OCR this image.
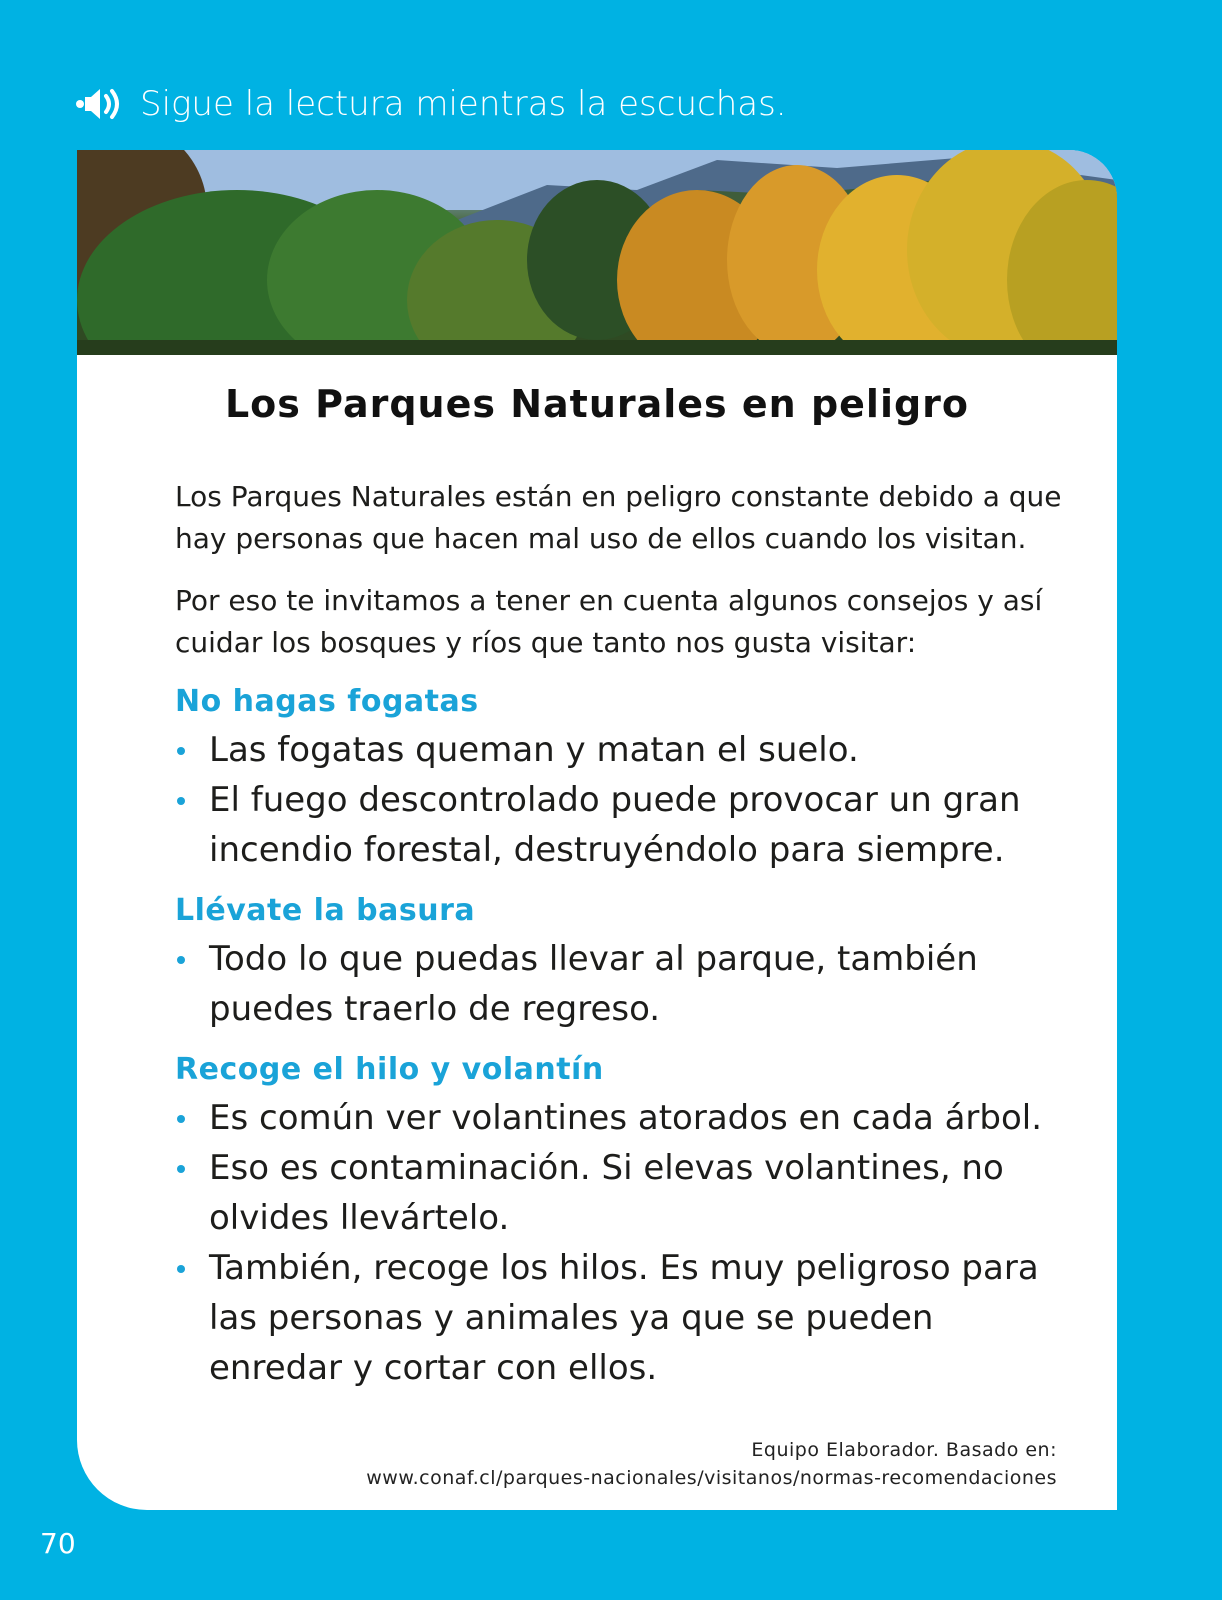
Sigue la lectura mientras la escuchas.
Los Parques Naturales en peligro

Los Parques Naturales están en peligro constante debido a que hay personas que hacen mal uso de ellos cuando los visitan.

Por eso te invitamos a tener en cuenta algunos consejos y así cuidar los bosques y ríos que tanto nos gusta visitar:

No hagas fogatas
Las fogatas queman y matan el suelo.
El fuego descontrolado puede provocar un gran incendio forestal, destruyéndolo para siempre.
Llévate la basura
Todo lo que puedas llevar al parque, también puedes traerlo de regreso.
Recoge el hilo y volantín
Es común ver volantines atorados en cada árbol.
Eso es contaminación. Si elevas volantines, no olvides llevártelo.
También, recoge los hilos. Es muy peligroso para las personas y animales ya que se pueden enredar y cortar con ellos.
Equipo Elaborador. Basado en:
www.conaf.cl/parques-nacionales/visitanos/normas-recomendaciones
70
